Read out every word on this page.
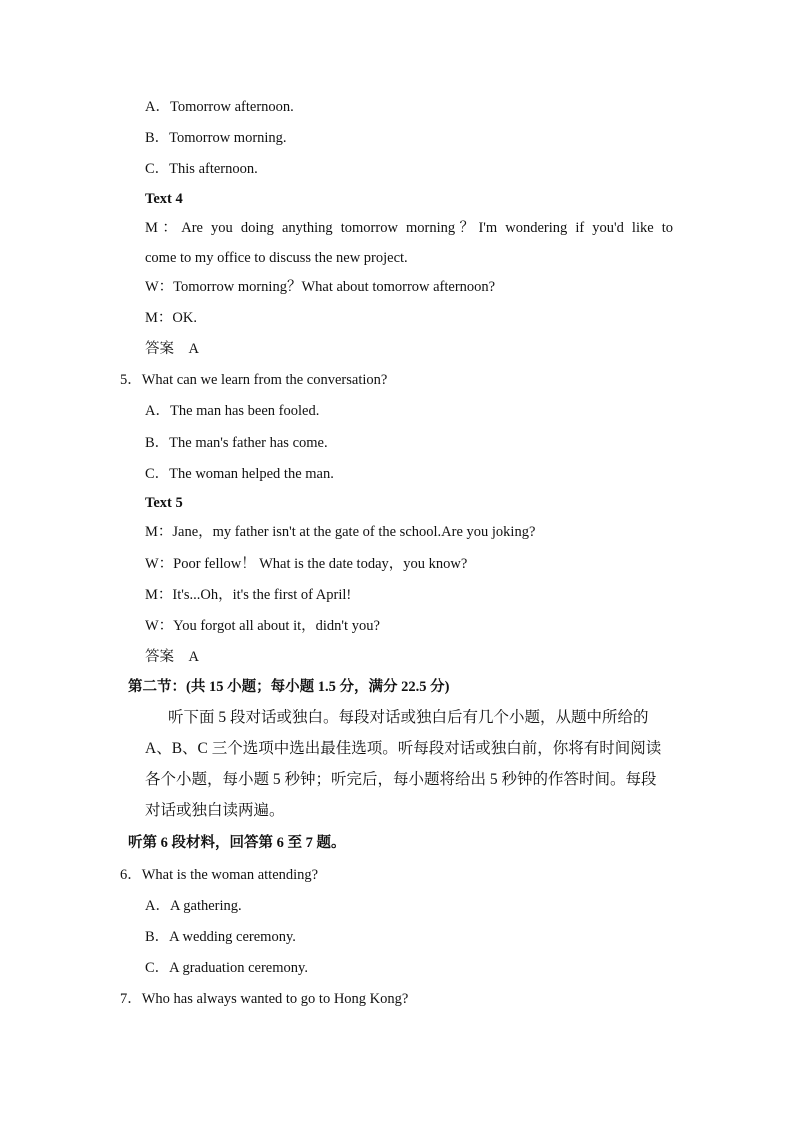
A．Tomorrow afternoon.
B．Tomorrow morning.
C．This afternoon.
Text 4
M：Are you doing anything tomorrow morning？I'm wondering if you'd like to
come to my office to discuss the new project.
W：Tomorrow morning？What about tomorrow afternoon?
M：OK.
答案　A
5．What can we learn from the conversation?
A．The man has been fooled.
B．The man's father has come.
C．The woman helped the man.
Text 5
M：Jane，my father isn't at the gate of the school.Are you joking?
W：Poor fellow！ What is the date today，you know?
M：It's...Oh，it's the first of April!
W：You forgot all about it，didn't you?
答案　A
第二节：(共 15 小题；每小题 1.5 分，满分 22.5 分)
听下面 5 段对话或独白。每段对话或独白后有几个小题，从题中所给的
A、B、C 三个选项中选出最佳选项。听每段对话或独白前，你将有时间阅读
各个小题，每小题 5 秒钟；听完后，每小题将给出 5 秒钟的作答时间。每段
对话或独白读两遍。
听第 6 段材料，回答第 6 至 7 题。
6．What is the woman attending?
A．A gathering.
B．A wedding ceremony.
C．A graduation ceremony.
7．Who has always wanted to go to Hong Kong?
